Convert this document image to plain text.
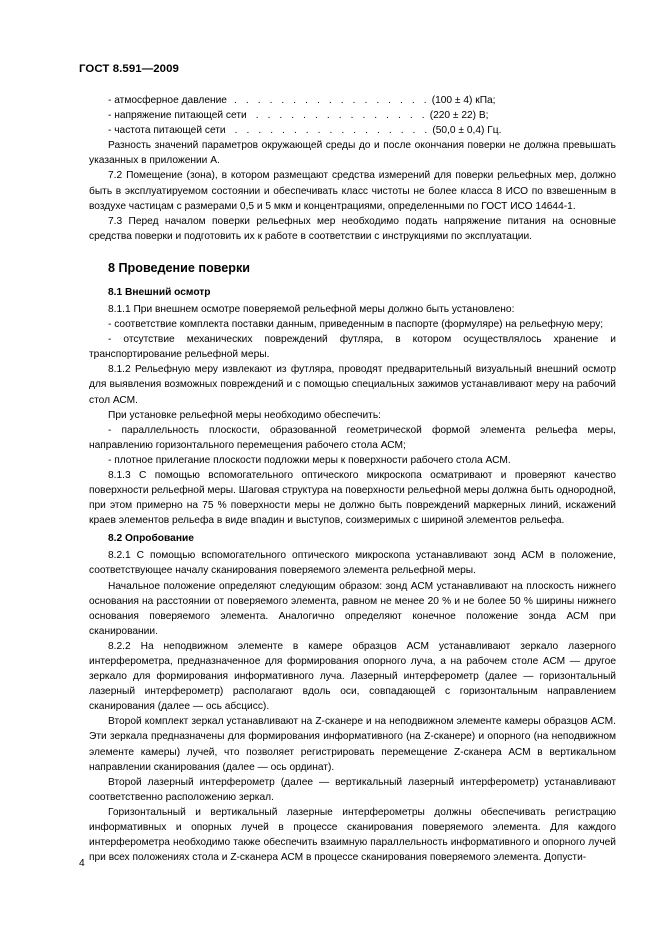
ГОСТ 8.591—2009
- атмосферное давление . . . . . . . . . . . . . . . . . (100 ± 4) кПа;
- напряжение питающей сети . . . . . . . . . . . . . . . (220 ± 22) В;
- частота питающей сети . . . . . . . . . . . . . . . . . (50,0 ± 0,4) Гц.

Разность значений параметров окружающей среды до и после окончания поверки не должна превышать указанных в приложении А.

7.2 Помещение (зона), в котором размещают средства измерений для поверки рельефных мер, должно быть в эксплуатируемом состоянии и обеспечивать класс чистоты не более класса 8 ИСО по взвешенным в воздухе частицам с размерами 0,5 и 5 мкм и концентрациями, определенными по ГОСТ ИСО 14644-1.

7.3 Перед началом поверки рельефных мер необходимо подать напряжение питания на основные средства поверки и подготовить их к работе в соответствии с инструкциями по эксплуатации.

8 Проведение поверки
8.1 Внешний осмотр

8.1.1 При внешнем осмотре поверяемой рельефной меры должно быть установлено:

- соответствие комплекта поставки данным, приведенным в паспорте (формуляре) на рельефную меру;

- отсутствие механических повреждений футляра, в котором осуществлялось хранение и транспортирование рельефной меры.

8.1.2 Рельефную меру извлекают из футляра, проводят предварительный визуальный внешний осмотр для выявления возможных повреждений и с помощью специальных зажимов устанавливают меру на рабочий стол АСМ.

При установке рельефной меры необходимо обеспечить:

- параллельность плоскости, образованной геометрической формой элемента рельефа меры, направлению горизонтального перемещения рабочего стола АСМ;

- плотное прилегание плоскости подложки меры к поверхности рабочего стола АСМ.

8.1.3 С помощью вспомогательного оптического микроскопа осматривают и проверяют качество поверхности рельефной меры. Шаговая структура на поверхности рельефной меры должна быть однородной, при этом примерно на 75 % поверхности меры не должно быть повреждений маркерных линий, искажений краев элементов рельефа в виде впадин и выступов, соизмеримых с шириной элементов рельефа.

8.2 Опробование

8.2.1 С помощью вспомогательного оптического микроскопа устанавливают зонд АСМ в положение, соответствующее началу сканирования поверяемого элемента рельефной меры.

Начальное положение определяют следующим образом: зонд АСМ устанавливают на плоскость нижнего основания на расстоянии от поверяемого элемента, равном не менее 20 % и не более 50 % ширины нижнего основания поверяемого элемента. Аналогично определяют конечное положение зонда АСМ при сканировании.

8.2.2 На неподвижном элементе в камере образцов АСМ устанавливают зеркало лазерного интерферометра, предназначенное для формирования опорного луча, а на рабочем столе АСМ — другое зеркало для формирования информативного луча. Лазерный интерферометр (далее — горизонтальный лазерный интерферометр) располагают вдоль оси, совпадающей с горизонтальным направлением сканирования (далее — ось абсцисс).

Второй комплект зеркал устанавливают на Z-сканере и на неподвижном элементе камеры образцов АСМ. Эти зеркала предназначены для формирования информативного (на Z-сканере) и опорного (на неподвижном элементе камеры) лучей, что позволяет регистрировать перемещение Z-сканера АСМ в вертикальном направлении сканирования (далее — ось ординат).

Второй лазерный интерферометр (далее — вертикальный лазерный интерферометр) устанавливают соответственно расположению зеркал.

Горизонтальный и вертикальный лазерные интерферометры должны обеспечивать регистрацию информативных и опорных лучей в процессе сканирования поверяемого элемента. Для каждого интерферометра необходимо также обеспечить взаимную параллельность информативного и опорного лучей при всех положениях стола и Z-сканера АСМ в процессе сканирования поверяемого элемента. Допусти-

4
